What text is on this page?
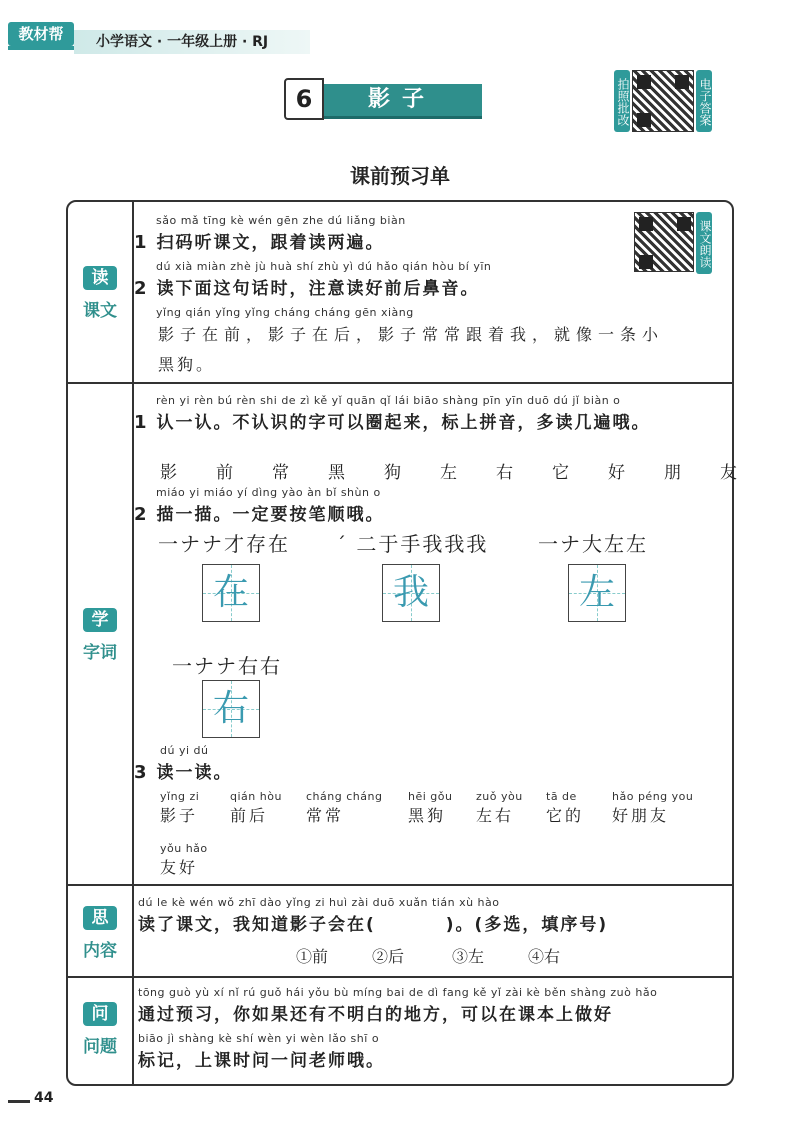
小学语文 · 一年级上册 · RJ
教材帮
影子
6	拍照批改	电子答案
课前预习单
读
课文
学
字词
思
内容
问
问题
课文朗读
sǎo mǎ tīng kè wén gēn zhe dú liǎng biàn
1 扫码听课文，跟着读两遍。
dú xià miàn zhè jù huà shí zhù yì dú hǎo qián hòu bí yīn
2 读下面这句话时，注意读好前后鼻音。
yǐng qián yǐng yǐng cháng cháng gēn xiàng
影子在前，影子在后，影子常常跟着我，就像一条小
黑狗。
rèn yi rèn bú rèn shi de zì kě yǐ quān qǐ lái biāo shàng pīn yīn duō dú jǐ biàn o
1 认一认。不认识的字可以圈起来，标上拼音，多读几遍哦。
影 前 常 黑 狗 左 右 它 好 朋 友
miáo yi miáo yí dìng yào àn bǐ shùn o
2 描一描。一定要按笔顺哦。
一ナナ才存在 ˊ 二于手我我我 一ナ大左左
在	我	左
一ナナ右右
右
dú yi dú
3 读一读。
yǐng zi
影子
qián hòu
前后
cháng cháng
常常
hēi gǒu
黑狗
zuǒ yòu
左右
tā de
它的
hǎo péng you
好朋友
yǒu hǎo
友好
dú le kè wén wǒ zhī dào yǐng zi huì zài duō xuǎn tián xù hào
读了课文，我知道影子会在(	)。(多选，填序号)
①前	②后	③左	④右
tōng guò yù xí nǐ rú guǒ hái yǒu bù míng bai de dì fang kě yǐ zài kè běn shàng zuò hǎo
通过预习，你如果还有不明白的地方，可以在课本上做好
biāo jì shàng kè shí wèn yi wèn lǎo shī o
标记，上课时问一问老师哦。
44
